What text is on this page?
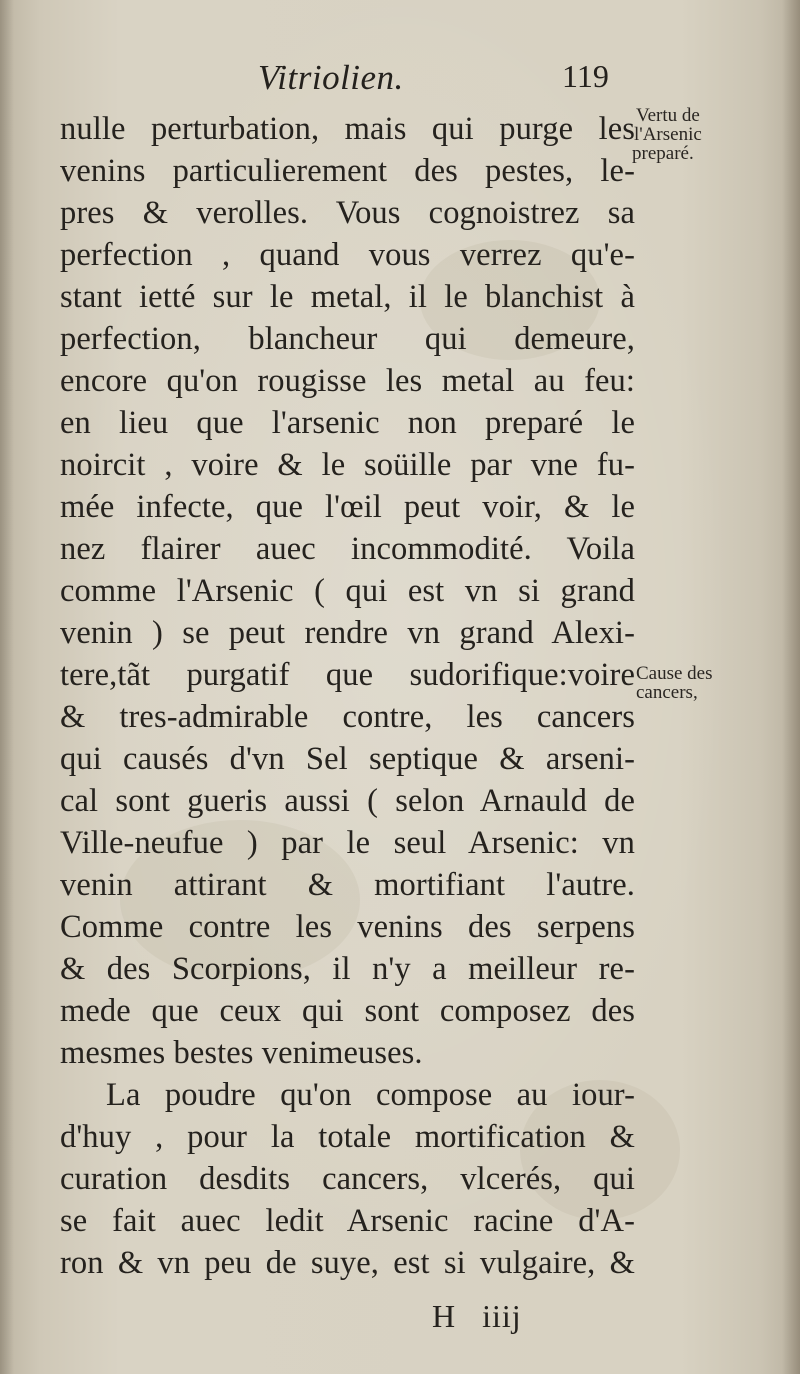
Vitriolien.	119
nulle perturbation, mais qui purge les
venins particulierement des pestes, le-
pres & verolles. Vous cognoistrez sa
perfection , quand vous verrez qu'e-
stant ietté sur le metal, il le blanchist à
perfection, blancheur qui demeure,
encore qu'on rougisse les metal au feu:
en lieu que l'arsenic non preparé le
noircit , voire & le soüille par vne fu-
mée infecte, que l'œil peut voir, & le
nez flairer auec incommodité. Voila
comme l'Arsenic ( qui est vn si grand
venin ) se peut rendre vn grand Alexi-
tere,tãt purgatif que sudorifique:voire
& tres-admirable contre, les cancers
qui causés d'vn Sel septique & arseni-
cal sont gueris aussi ( selon Arnauld de
Ville-neufue ) par le seul Arsenic: vn
venin attirant & mortifiant l'autre.
Comme contre les venins des serpens
& des Scorpions, il n'y a meilleur re-
mede que ceux qui sont composez des
mesmes bestes venimeuses.
La poudre qu'on compose au iour-
d'huy , pour la totale mortification &
curation desdits cancers, vlcerés, qui
se fait auec ledit Arsenic racine d'A-
ron & vn peu de suye, est si vulgaire, &
Vertu de
l'Arsenic
preparé.
Cause des
cancers,
H iiij
